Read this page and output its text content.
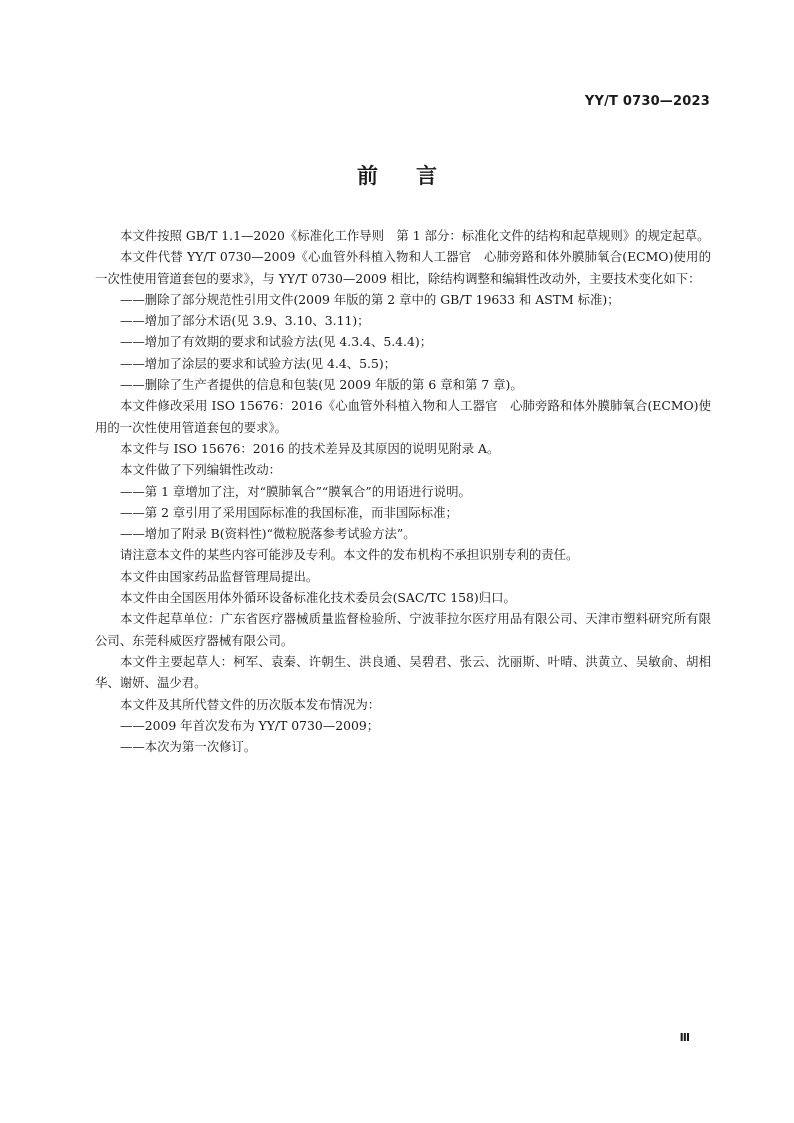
YY/T 0730—2023
前言

本文件按照 GB/T 1.1—2020《标准化工作导则　第 1 部分：标准化文件的结构和起草规则》的规定起草。

本文件代替 YY/T 0730—2009《心血管外科植入物和人工器官　心肺旁路和体外膜肺氧合(ECMO)使用的一次性使用管道套包的要求》，与 YY/T 0730—2009 相比，除结构调整和编辑性改动外，主要技术变化如下：

——删除了部分规范性引用文件(2009 年版的第 2 章中的 GB/T 19633 和 ASTM 标准)；

——增加了部分术语(见 3.9、3.10、3.11)；

——增加了有效期的要求和试验方法(见 4.3.4、5.4.4)；

——增加了涂层的要求和试验方法(见 4.4、5.5)；

——删除了生产者提供的信息和包装(见 2009 年版的第 6 章和第 7 章)。

本文件修改采用 ISO 15676：2016《心血管外科植入物和人工器官　心肺旁路和体外膜肺氧合(ECMO)使用的一次性使用管道套包的要求》。

本文件与 ISO 15676：2016 的技术差异及其原因的说明见附录 A。

本文件做了下列编辑性改动：

——第 1 章增加了注，对“膜肺氧合”“膜氧合”的用语进行说明。

——第 2 章引用了采用国际标准的我国标准，而非国际标准；

——增加了附录 B(资料性)“微粒脱落参考试验方法”。

请注意本文件的某些内容可能涉及专利。本文件的发布机构不承担识别专利的责任。

本文件由国家药品监督管理局提出。

本文件由全国医用体外循环设备标准化技术委员会(SAC/TC 158)归口。

本文件起草单位：广东省医疗器械质量监督检验所、宁波菲拉尔医疗用品有限公司、天津市塑料研究所有限公司、东莞科威医疗器械有限公司。

本文件主要起草人：柯军、袁秦、许朝生、洪良通、吴碧君、张云、沈丽斯、叶晴、洪黄立、吴敏俞、胡相华、谢妍、温少君。

本文件及其所代替文件的历次版本发布情况为：

——2009 年首次发布为 YY/T 0730—2009；

——本次为第一次修订。

Ⅲ
